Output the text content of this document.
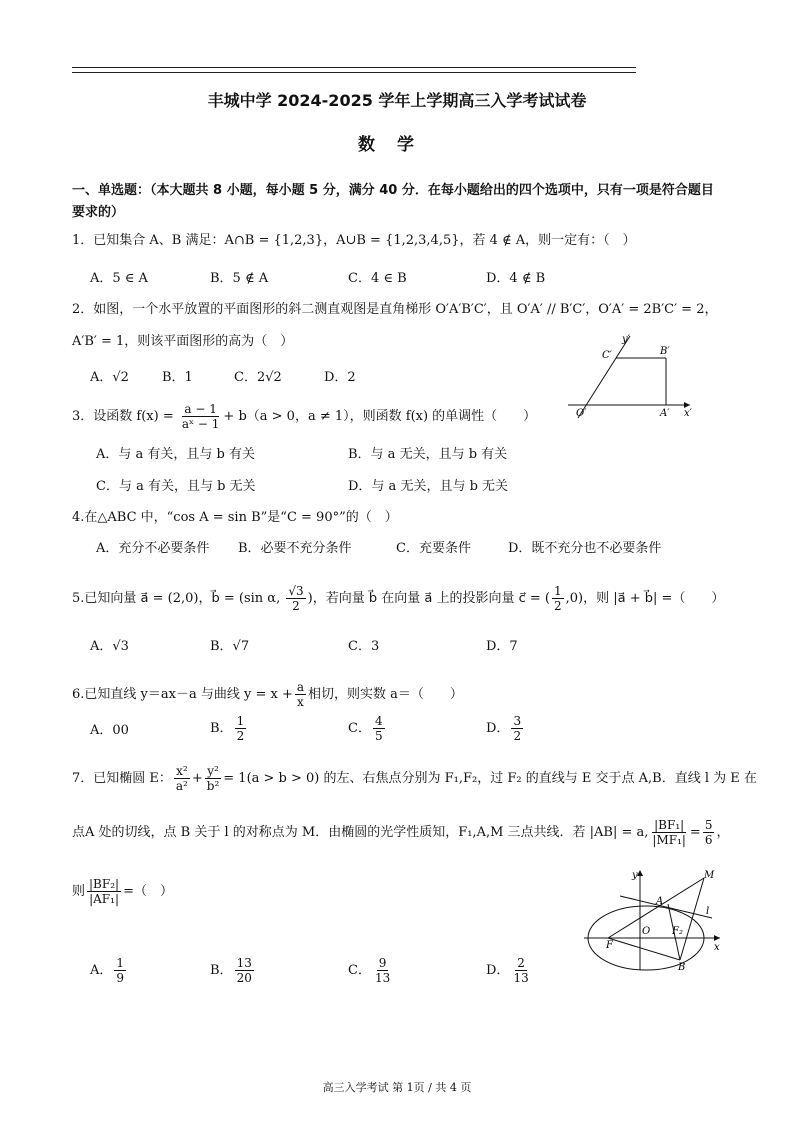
丰城中学 2024-2025 学年上学期高三入学考试试卷
数学
一、单选题：（本大题共 8 小题，每小题 5 分，满分 40 分．在每小题给出的四个选项中，只有一项是符合题目要求的）
1．已知集合 A、B 满足：A∩B = {1,2,3}，A∪B = {1,2,3,4,5}，若 4 ∉ A，则一定有：（　）
A．5 ∈ A	B．5 ∉ A	C．4 ∈ B	D．4 ∉ B
2．如图，一个水平放置的平面图形的斜二测直观图是直角梯形 O′A′B′C′，且 O′A′ // B′C′，O′A′ = 2B′C′ = 2，
A′B′ = 1，则该平面图形的高为（　）
A．√2	B．1	C．2√2	D．2
y′
C′	B′
O′	A′ x′
3．设函数 $f(x) = \frac{a - 1}{\text{aˣ − 1}} + b(a > 0$，a ≠ 1），则函数 f(x) 的单调性（　　）
A．与 a 有关，且与 b 有关	B．与 a 无关，且与 b 有关
C．与 a 有关，且与 b 无关	D．与 a 无关，且与 b 无关
4.在△ABC 中，“cos A = sin B”是“C = 90°”的（　）
A．充分不必要条件 B．必要不充分条件	C．充要条件	D．既不充分也不必要条件
5.已知向量 a⃗ = (2,0)，b⃗ = (sin α, $\frac{√3}{2}$ )，若向量 b⃗ 在向量 a⃗ 上的投影向量 c⃗ = ( $\frac{1}{2} ,0$)，则 |a⃗ + b⃗| =（　　）
A．√3	B．√7	C．3	D．7
6.已知直线 y＝ax－a 与曲线 $y = x + \frac{a}{x}$ 相切，则实数 a＝（　　）
A．00	B． $\frac{1}{2}$	C． $\frac{4}{5}$	D． $\frac{3}{2}$
7．已知椭圆 E： $\frac{\text{x²}}{\text{a²}} + \frac{\text{y²}}{\text{b²}} = 1(a > b > 0)$ 的左、右焦点分别为 F₁,F₂，过 F₂ 的直线与 E 交于点 A,B．直线 l 为 E 在
点A 处的切线，点 B 关于 l 的对称点为 M．由椭圆的光学性质知，F₁,A,M 三点共线．若 |AB| = a, $\frac{\text{|BF₁|}}{\text{|MF₁|}} = \frac{5}{6}$ ，
则 $\frac{\text{|BF₂|}}{\text{|AF₁|}}$ =（　）
A． $\frac{1}{9}$	B． $\frac{13}{20}$	C． $\frac{9}{13}$	D． $\frac{2}{13}$
y	M
A
l
F
O F₂
x
B
高三入学考试 第 1页 / 共 4 页
